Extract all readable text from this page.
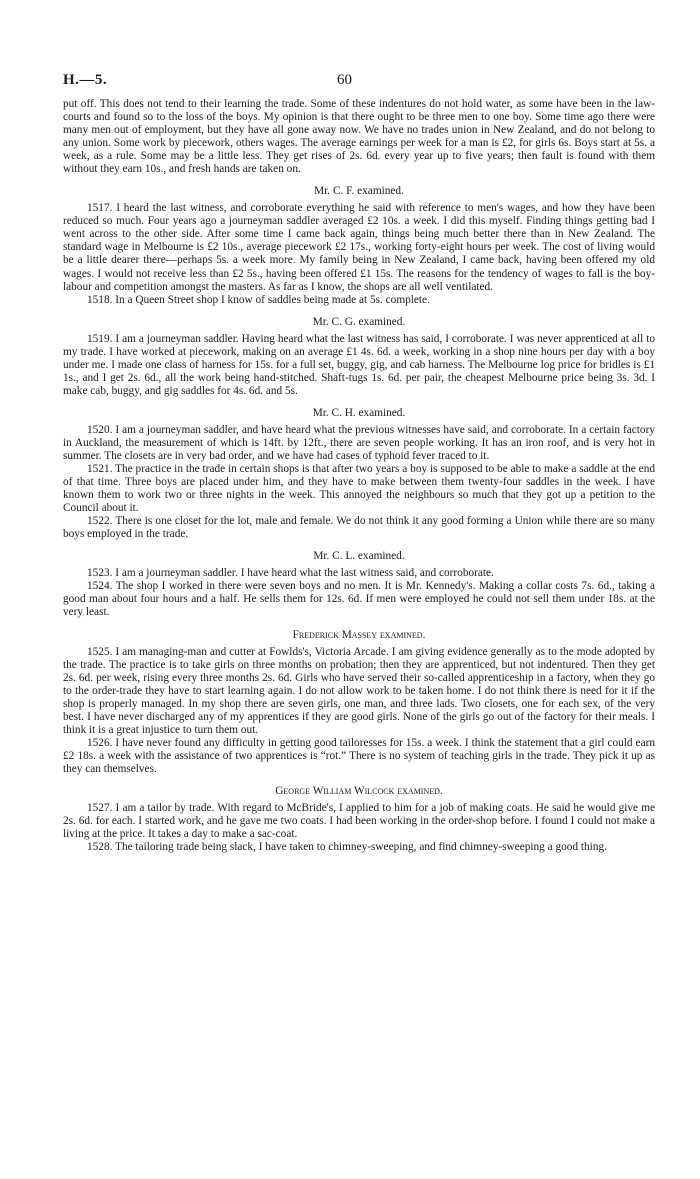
H.—5.	60

put off. This does not tend to their learning the trade. Some of these indentures do not hold water, as some have been in the law-courts and found so to the loss of the boys. My opinion is that there ought to be three men to one boy. Some time ago there were many men out of employment, but they have all gone away now. We have no trades union in New Zealand, and do not belong to any union. Some work by piecework, others wages. The average earnings per week for a man is £2, for girls 6s. Boys start at 5s. a week, as a rule. Some may be a little less. They get rises of 2s. 6d. every year up to five years; then fault is found with them without they earn 10s., and fresh hands are taken on.

Mr. C. F. examined.

1517. I heard the last witness, and corroborate everything he said with reference to men's wages, and how they have been reduced so much. Four years ago a journeyman saddler averaged £2 10s. a week. I did this myself. Finding things getting bad I went across to the other side. After some time I came back again, things being much better there than in New Zealand. The standard wage in Melbourne is £2 10s., average piecework £2 17s., working forty-eight hours per week. The cost of living would be a little dearer there—perhaps 5s. a week more. My family being in New Zealand, I came back, having been offered my old wages. I would not receive less than £2 5s., having been offered £1 15s. The reasons for the tendency of wages to fall is the boy-labour and competition amongst the masters. As far as I know, the shops are all well ventilated.

1518. In a Queen Street shop I know of saddles being made at 5s. complete.

Mr. C. G. examined.

1519. I am a journeyman saddler. Having heard what the last witness has said, I corroborate. I was never apprenticed at all to my trade. I have worked at piecework, making on an average £1 4s. 6d. a week, working in a shop nine hours per day with a boy under me. I made one class of harness for 15s. for a full set, buggy, gig, and cab harness. The Melbourne log price for bridles is £1 1s., and I get 2s. 6d., all the work being hand-stitched. Shaft-tugs 1s. 6d. per pair, the cheapest Melbourne price being 3s. 3d. I make cab, buggy, and gig saddles for 4s. 6d. and 5s.

Mr. C. H. examined.

1520. I am a journeyman saddler, and have heard what the previous witnesses have said, and corroborate. In a certain factory in Auckland, the measurement of which is 14ft. by 12ft., there are seven people working. It has an iron roof, and is very hot in summer. The closets are in very bad order, and we have had cases of typhoid fever traced to it.

1521. The practice in the trade in certain shops is that after two years a boy is supposed to be able to make a saddle at the end of that time. Three boys are placed under him, and they have to make between them twenty-four saddles in the week. I have known them to work two or three nights in the week. This annoyed the neighbours so much that they got up a petition to the Council about it.

1522. There is one closet for the lot, male and female. We do not think it any good forming a Union while there are so many boys employed in the trade.

Mr. C. L. examined.

1523. I am a journeyman saddler. I have heard what the last witness said, and corroborate.

1524. The shop I worked in there were seven boys and no men. It is Mr. Kennedy's. Making a collar costs 7s. 6d., taking a good man about four hours and a half. He sells them for 12s. 6d. If men were employed he could not sell them under 18s. at the very least.

Frederick Massey examined.

1525. I am managing-man and cutter at Fowlds's, Victoria Arcade. I am giving evidence generally as to the mode adopted by the trade. The practice is to take girls on three months on probation; then they are apprenticed, but not indentured. Then they get 2s. 6d. per week, rising every three months 2s. 6d. Girls who have served their so-called apprenticeship in a factory, when they go to the order-trade they have to start learning again. I do not allow work to be taken home. I do not think there is need for it if the shop is properly managed. In my shop there are seven girls, one man, and three lads. Two closets, one for each sex, of the very best. I have never discharged any of my apprentices if they are good girls. None of the girls go out of the factory for their meals. I think it is a great injustice to turn them out.

1526. I have never found any difficulty in getting good tailoresses for 15s. a week. I think the statement that a girl could earn £2 18s. a week with the assistance of two apprentices is “rot.” There is no system of teaching girls in the trade. They pick it up as they can themselves.

George William Wilcock examined.

1527. I am a tailor by trade. With regard to McBride's, I applied to him for a job of making coats. He said he would give me 2s. 6d. for each. I started work, and he gave me two coats. I had been working in the order-shop before. I found I could not make a living at the price. It takes a day to make a sac-coat.

1528. The tailoring trade being slack, I have taken to chimney-sweeping, and find chimney-sweeping a good thing.
